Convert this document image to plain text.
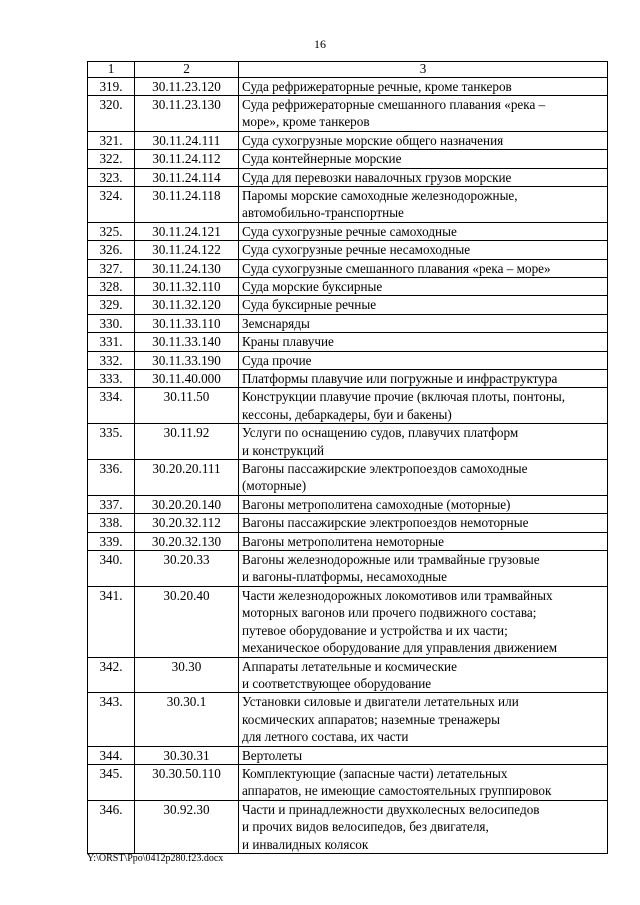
16
1	2	3
319.	30.11.23.120	Суда рефрижераторные речные, кроме танкеров

320.	30.11.23.130	Суда рефрижераторные смешанного плавания «река –
море», кроме танкеров

321.	30.11.24.111	Суда сухогрузные морские общего назначения

322.	30.11.24.112	Суда контейнерные морские

323.	30.11.24.114	Суда для перевозки навалочных грузов морские

324.	30.11.24.118	Паромы морские самоходные железнодорожные,
автомобильно-транспортные

325.	30.11.24.121	Суда сухогрузные речные самоходные

326.	30.11.24.122	Суда сухогрузные речные несамоходные

327.	30.11.24.130	Суда сухогрузные смешанного плавания «река – море»

328.	30.11.32.110	Суда морские буксирные

329.	30.11.32.120	Суда буксирные речные

330.	30.11.33.110	Земснаряды

331.	30.11.33.140	Краны плавучие

332.	30.11.33.190	Суда прочие

333.	30.11.40.000	Платформы плавучие или погружные и инфраструктура

334.	30.11.50	Конструкции плавучие прочие (включая плоты, понтоны,
кессоны, дебаркадеры, буи и бакены)

335.	30.11.92	Услуги по оснащению судов, плавучих платформ
и конструкций

336.	30.20.20.111	Вагоны пассажирские электропоездов самоходные
(моторные)

337.	30.20.20.140	Вагоны метрополитена самоходные (моторные)

338.	30.20.32.112	Вагоны пассажирские электропоездов немоторные

339.	30.20.32.130	Вагоны метрополитена немоторные

340.	30.20.33	Вагоны железнодорожные или трамвайные грузовые
и вагоны-платформы, несамоходные

341.	30.20.40	Части железнодорожных локомотивов или трамвайных
моторных вагонов или прочего подвижного состава;
путевое оборудование и устройства и их части;
механическое оборудование для управления движением

342.	30.30	Аппараты летательные и космические
и соответствующее оборудование

343.	30.30.1	Установки силовые и двигатели летательных или
космических аппаратов; наземные тренажеры
для летного состава, их части

344.	30.30.31	Вертолеты

345.	30.30.50.110	Комплектующие (запасные части) летательных
аппаратов, не имеющие самостоятельных группировок

346.	30.92.30	Части и принадлежности двухколесных велосипедов
и прочих видов велосипедов, без двигателя,
и инвалидных колясок
Y:\ORST\Ppo\0412p280.f23.docx
